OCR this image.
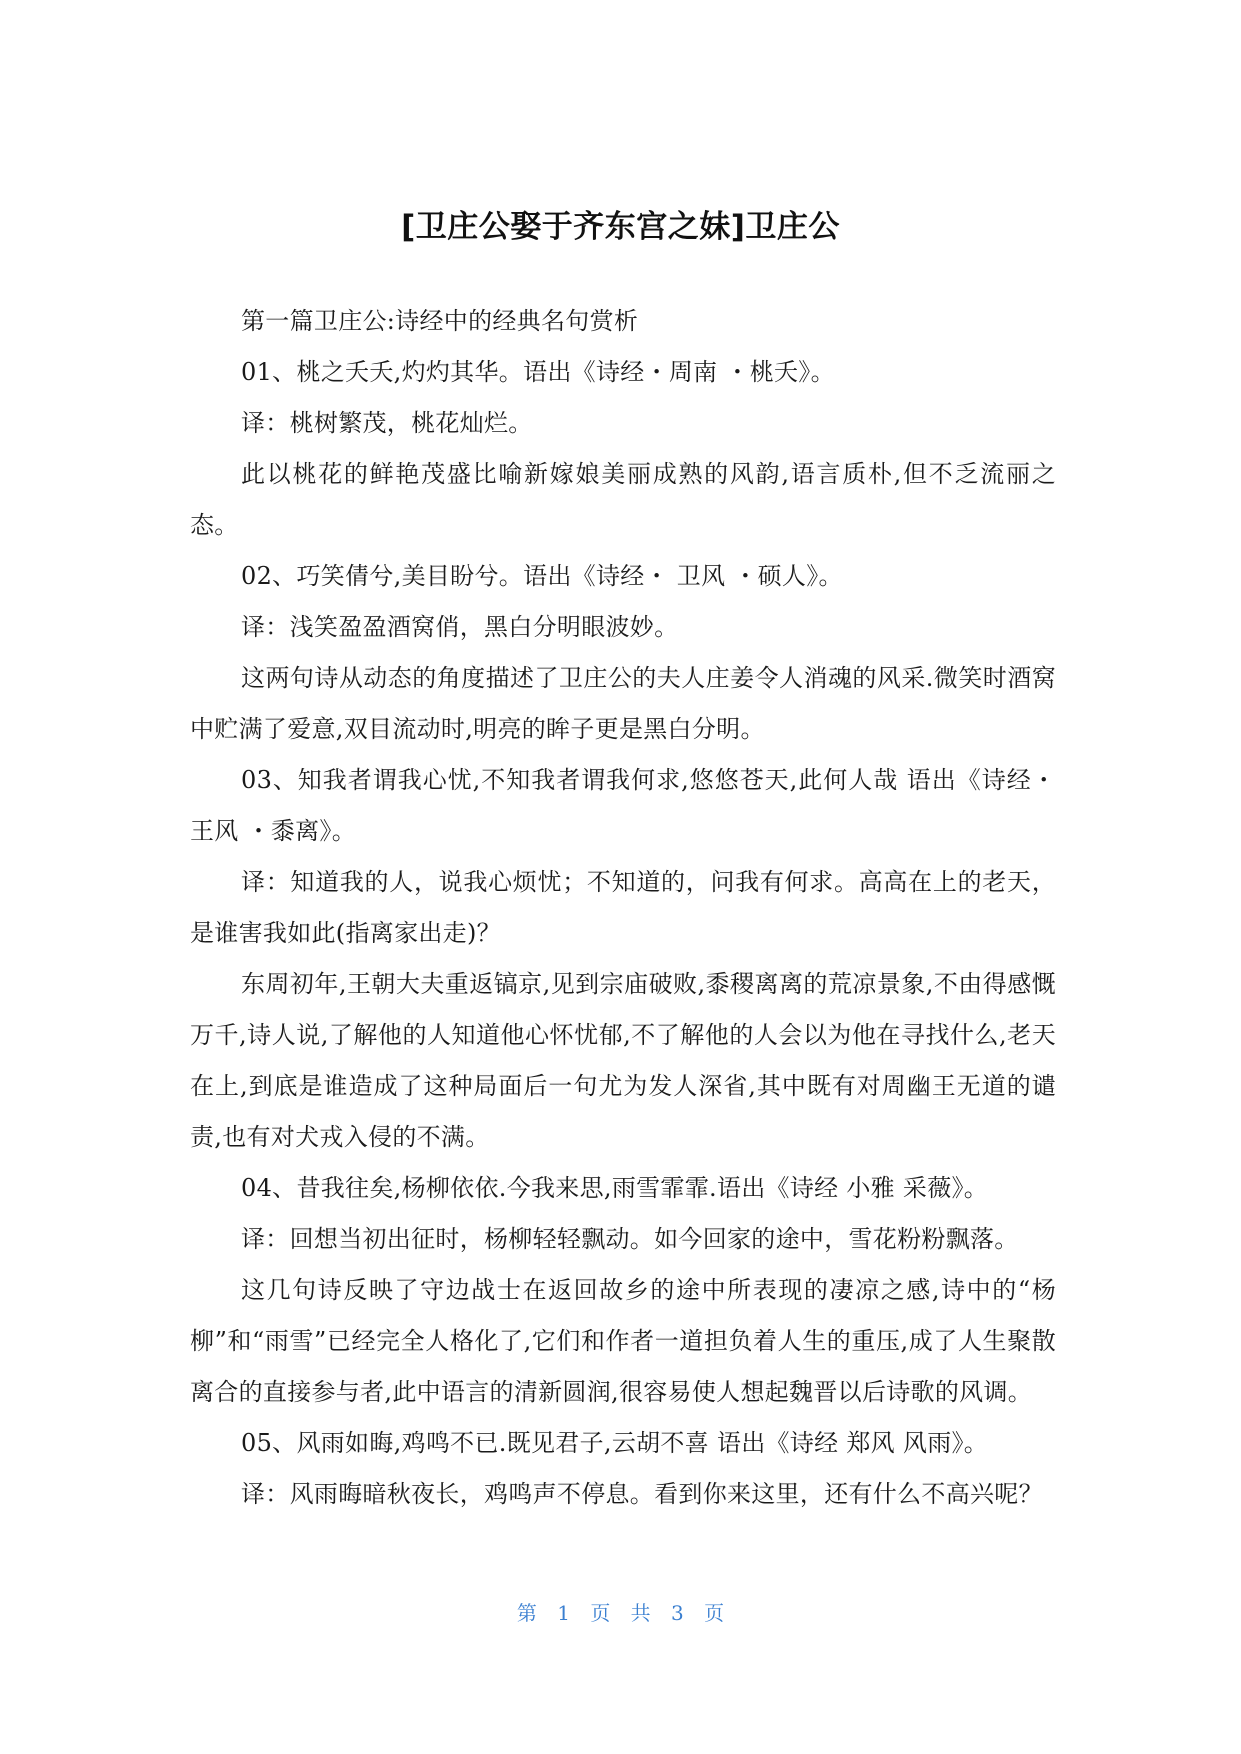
[卫庄公娶于齐东宫之妹]卫庄公

第一篇卫庄公:诗经中的经典名句赏析

01、桃之夭夭,灼灼其华。语出《诗经・周南 ・桃夭》。

译：桃树繁茂，桃花灿烂。

此以桃花的鲜艳茂盛比喻新嫁娘美丽成熟的风韵,语言质朴,但不乏流丽之态。

02、巧笑倩兮,美目盼兮。语出《诗经・ 卫风 ・硕人》。

译：浅笑盈盈酒窝俏，黑白分明眼波妙。

这两句诗从动态的角度描述了卫庄公的夫人庄姜令人消魂的风采.微笑时酒窝中贮满了爱意,双目流动时,明亮的眸子更是黑白分明。

03、知我者谓我心忧,不知我者谓我何求,悠悠苍天,此何人哉 语出《诗经・ 王风 ・黍离》。

译：知道我的人，说我心烦忧；不知道的，问我有何求。高高在上的老天，是谁害我如此(指离家出走)？

东周初年,王朝大夫重返镐京,见到宗庙破败,黍稷离离的荒凉景象,不由得感慨万千,诗人说,了解他的人知道他心怀忧郁,不了解他的人会以为他在寻找什么,老天在上,到底是谁造成了这种局面后一句尤为发人深省,其中既有对周幽王无道的谴责,也有对犬戎入侵的不满。

04、昔我往矣,杨柳依依.今我来思,雨雪霏霏.语出《诗经 小雅 采薇》。

译：回想当初出征时，杨柳轻轻飘动。如今回家的途中，雪花粉粉飘落。

这几句诗反映了守边战士在返回故乡的途中所表现的凄凉之感,诗中的“杨柳”和“雨雪”已经完全人格化了,它们和作者一道担负着人生的重压,成了人生聚散离合的直接参与者,此中语言的清新圆润,很容易使人想起魏晋以后诗歌的风调。

05、风雨如晦,鸡鸣不已.既见君子,云胡不喜 语出《诗经 郑风 风雨》。

译：风雨晦暗秋夜长，鸡鸣声不停息。看到你来这里，还有什么不高兴呢？

第 1 页 共 3 页
